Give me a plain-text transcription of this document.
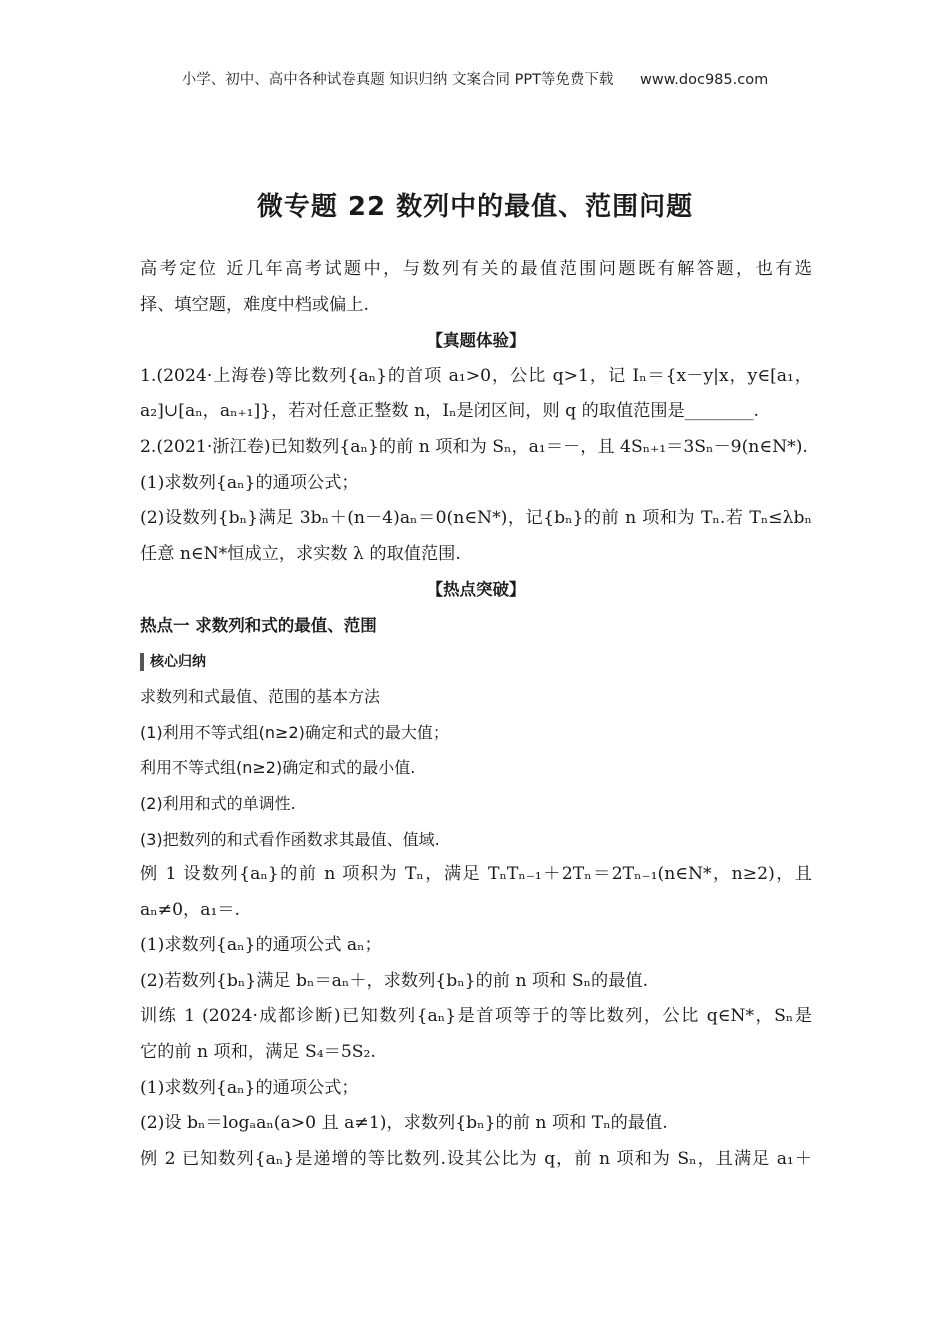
小学、初中、高中各种试卷真题 知识归纳 文案合同 PPT等免费下载 www.doc985.com
微专题 22 数列中的最值、范围问题
高考定位 近几年高考试题中，与数列有关的最值范围问题既有解答题，也有选
择、填空题，难度中档或偏上.
【真题体验】
1.(2024·上海卷)等比数列{aₙ}的首项 a₁>0，公比 q>1，记 Iₙ＝{x－y|x，y∈[a₁，
a₂]∪[aₙ，aₙ₊₁]}，若对任意正整数 n，Iₙ是闭区间，则 q 的取值范围是________.
2.(2021·浙江卷)已知数列{aₙ}的前 n 项和为 Sₙ，a₁＝－，且 4Sₙ₊₁＝3Sₙ－9(n∈N*).
(1)求数列{aₙ}的通项公式；
(2)设数列{bₙ}满足 3bₙ＋(n－4)aₙ＝0(n∈N*)，记{bₙ}的前 n 项和为 Tₙ.若 Tₙ≤λbₙ
任意 n∈N*恒成立，求实数 λ 的取值范围.
【热点突破】
热点一 求数列和式的最值、范围
核心归纳
求数列和式最值、范围的基本方法
(1)利用不等式组(n≥2)确定和式的最大值；
利用不等式组(n≥2)确定和式的最小值.
(2)利用和式的单调性.
(3)把数列的和式看作函数求其最值、值域.
例 1 设数列{aₙ}的前 n 项积为 Tₙ，满足 TₙTₙ₋₁＋2Tₙ＝2Tₙ₋₁(n∈N*，n≥2)，且
aₙ≠0，a₁＝.
(1)求数列{aₙ}的通项公式 aₙ；
(2)若数列{bₙ}满足 bₙ＝aₙ＋，求数列{bₙ}的前 n 项和 Sₙ的最值.
训练 1 (2024·成都诊断)已知数列{aₙ}是首项等于的等比数列，公比 q∈N*，Sₙ是
它的前 n 项和，满足 S₄＝5S₂.
(1)求数列{aₙ}的通项公式；
(2)设 bₙ＝logₐaₙ(a>0 且 a≠1)，求数列{bₙ}的前 n 项和 Tₙ的最值.
例 2 已知数列{aₙ}是递增的等比数列.设其公比为 q，前 n 项和为 Sₙ，且满足 a₁＋
